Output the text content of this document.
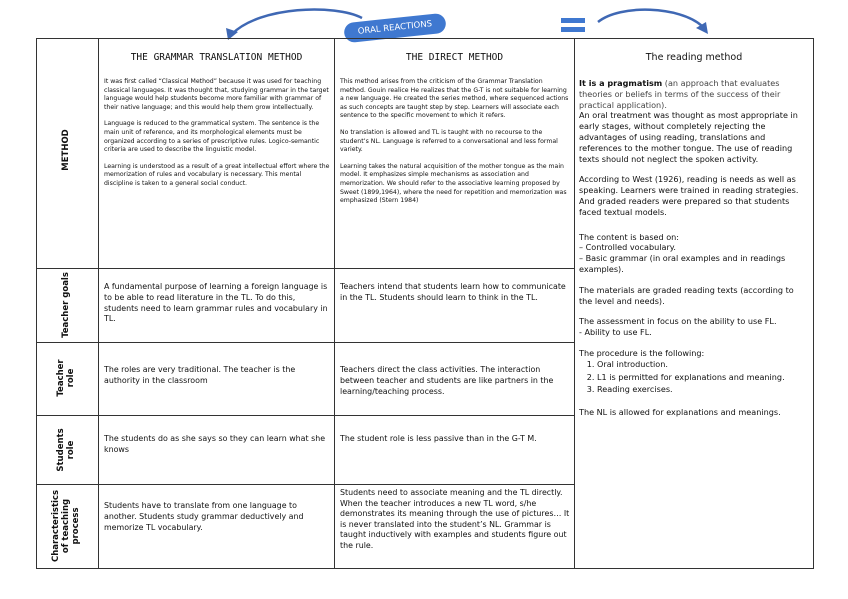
ORAL REACTIONS
THE GRAMMAR TRANSLATION METHOD	THE DIRECT METHOD	The reading method
METHOD
Teacher goals
Teacher role
Students role
Characteristics of teaching process

It was first called “Classical Method” because it was used for teaching classical languages. It was thought that, studying grammar in the target language would help students become more familiar with grammar of their native language; and this would help them grow intellectually.

Language is reduced to the grammatical system. The sentence is the main unit of reference, and its morphological elements must be organized according to a series of prescriptive rules. Logico-semantic criteria are used to describe the linguistic model.

Learning is understood as a result of a great intellectual effort where the memorization of rules and vocabulary is necessary. This mental discipline is taken to a general social conduct.

This method arises from the criticism of the Grammar Translation method. Gouin realice He realizes that the G-T is not suitable for learning a new language. He created the series method, where sequenced actions as such concepts are taught step by step. Learners will associate each sentence to the specific movement to which it refers.

No translation is allowed and TL is taught with no recourse to the student’s NL. Language is referred to a conversational and less formal variety.

Learning takes the natural acquisition of the mother tongue as the main model. It emphasizes simple mechanisms as association and memorization. We should refer to the associative learning proposed by Sweet (1899,1964), where the need for repetition and memorization was emphasized (Stern 1984)

It is a pragmatism (an approach that evaluates theories or beliefs in terms of the success of their practical application).

An oral treatment was thought as most appropriate in early stages, without completely rejecting the advantages of using reading, translations and references to the mother tongue. The use of reading texts should not neglect the spoken activity.

According to West (1926), reading is needs as well as speaking. Learners were trained in reading strategies. And graded readers were prepared so that students faced textual models.

The content is based on:
– Controlled vocabulary.
– Basic grammar (in oral examples and in readings examples).
The materials are graded reading texts (according to the level and needs).
The assessment in focus on the ability to use FL.
- Ability to use FL.
The procedure is the following:
1. Oral introduction.
2. L1 is permitted for explanations and meaning.
3. Reading exercises.
The NL is allowed for explanations and meanings.
A fundamental purpose of learning a foreign language is to be able to read literature in the TL. To do this, students need to learn grammar rules and vocabulary in TL.
Teachers intend that students learn how to communicate in the TL. Students should learn to think in the TL.
The roles are very traditional. The teacher is the authority in the classroom
Teachers direct the class activities. The interaction between teacher and students are like partners in the learning/teaching process.
The students do as she says so they can learn what she knows
The student role is less passive than in the G-T M.
Students have to translate from one language to another. Students study grammar deductively and memorize TL vocabulary.
Students need to associate meaning and the TL directly. When the teacher introduces a new TL word, s/he demonstrates its meaning through the use of pictures… It is never translated into the student’s NL. Grammar is taught inductively with examples and students figure out the rule.
